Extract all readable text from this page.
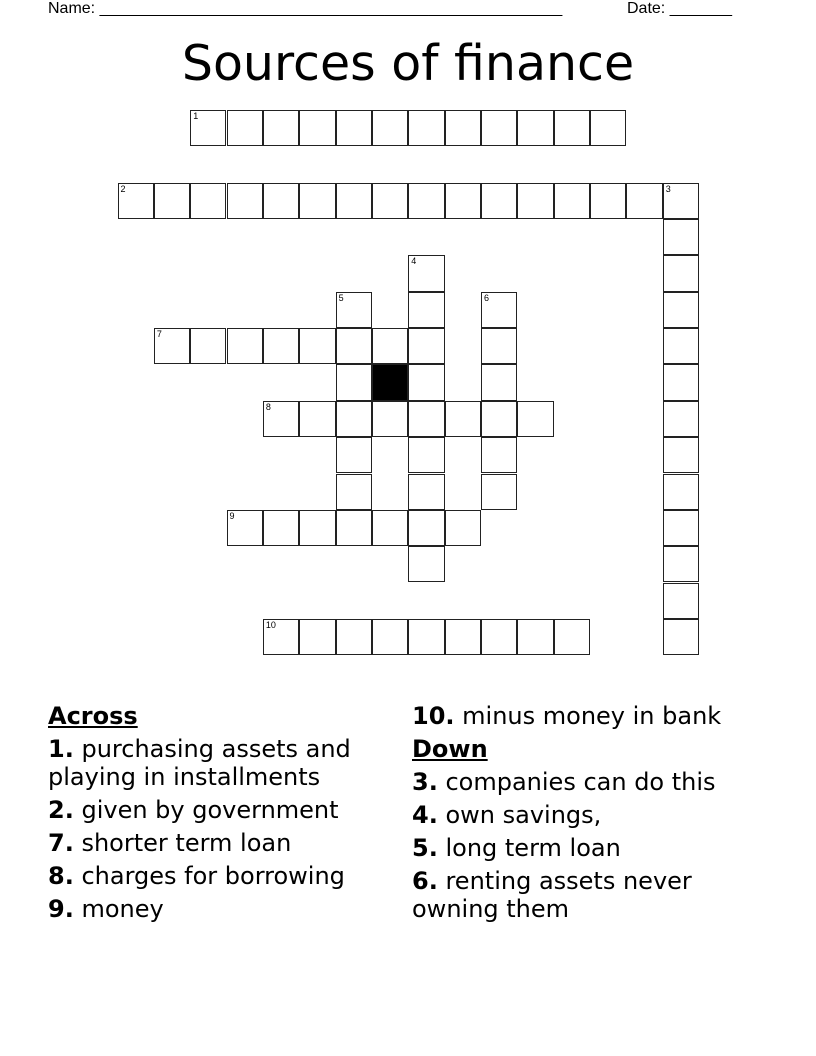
Name: ____________________________________________________	Date: _______
Sources of finance
1
2	3
4
5	6
7
8
9
10
Across
1. purchasing assets and playing in installments
2. given by government
7. shorter term loan
8. charges for borrowing
9. money
10. minus money in bank
Down
3. companies can do this
4. own savings,
5. long term loan
6. renting assets never owning them
